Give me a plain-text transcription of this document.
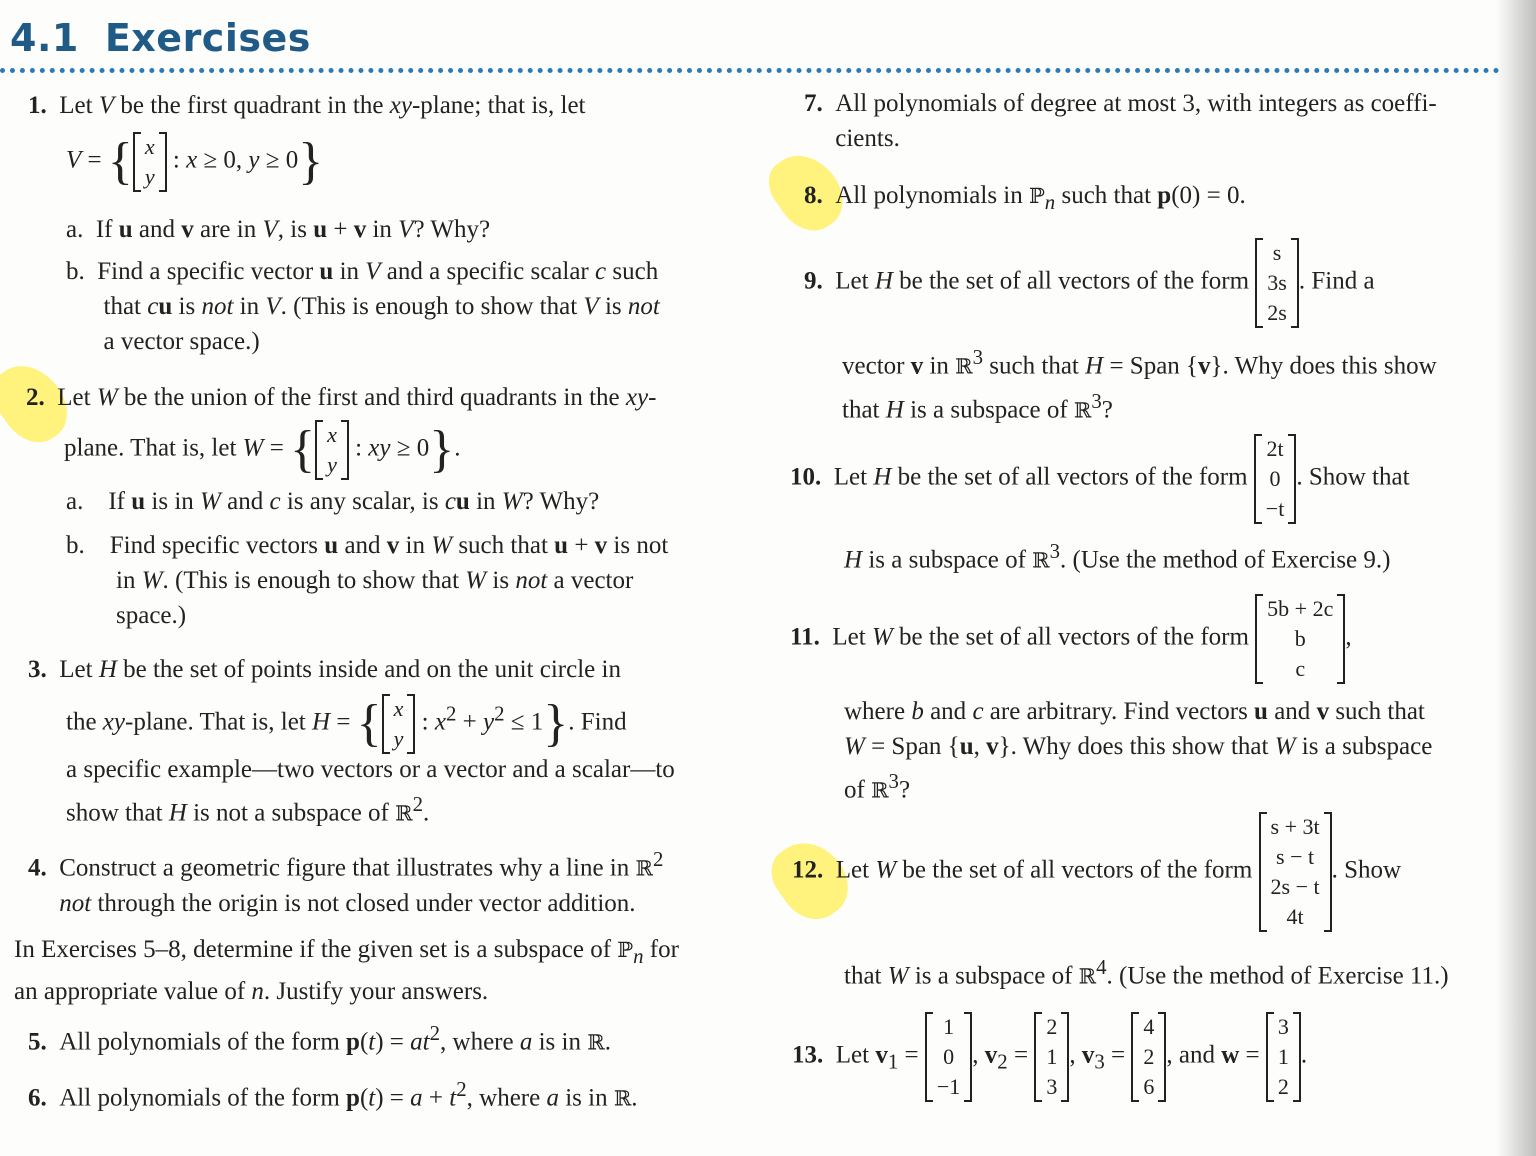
4.1 Exercises
1.  Let V be the first quadrant in the xy-plane; that is, let
V = { x
y
: x ≥ 0, y ≥ 0}
a.  If u and v are in V, is u + v in V? Why?
b.  Find a specific vector u in V and a specific scalar c such
that cu is not in V. (This is enough to show that V is not
a vector space.)
2.  Let W be the union of the first and third quadrants in the xy-
plane. That is, let W = { x
y
: xy ≥ 0}.
a.    If u is in W and c is any scalar, is cu in W? Why?
b.    Find specific vectors u and v in W such that u + v is not
in W. (This is enough to show that W is not a vector
space.)
3.  Let H be the set of points inside and on the unit circle in
the xy-plane. That is, let H = { x
y
: $x^2 + y^2 \le 1$}. Find
a specific example—two vectors or a vector and a scalar—to
show that H is not a subspace of ℝ$^2$.
4.  Construct a geometric figure that illustrates why a line in ℝ$^2$
not through the origin is not closed under vector addition.
In Exercises 5–8, determine if the given set is a subspace of ℙ$_n$ for
an appropriate value of n. Justify your answers.
5.  All polynomials of the form $p(t) = at^2$, where a is in ℝ.
6.  All polynomials of the form $p(t) = a + t^2$, where a is in ℝ.
7.  All polynomials of degree at most 3, with integers as coeffi-
cients.
8.  All polynomials in ℙ$_n$ such that p(0) = 0.
9.  Let H be the set of all vectors of the form
s
3s
2s
. Find a
vector v in ℝ$^3$ such that H = Span {v}. Why does this show
that H is a subspace of ℝ$^3$?
10.  Let H be the set of all vectors of the form
2t
0
−t
. Show that
H is a subspace of ℝ$^3$. (Use the method of Exercise 9.)
11.  Let W be the set of all vectors of the form
5b + 2c
b
c
,
where b and c are arbitrary. Find vectors u and v such that
W = Span {u, v}. Why does this show that W is a subspace
of ℝ$^3$?
12.  Let W be the set of all vectors of the form
s + 3t
s − t
2s − t
4t
. Show
that W is a subspace of ℝ$^4$. (Use the method of Exercise 11.)
13.  Let $v_1$ =
1
0
−1
, $v_2$ =
2
1
3
, $v_3$ =
4
2
6
, and w =
3
1
2
.
